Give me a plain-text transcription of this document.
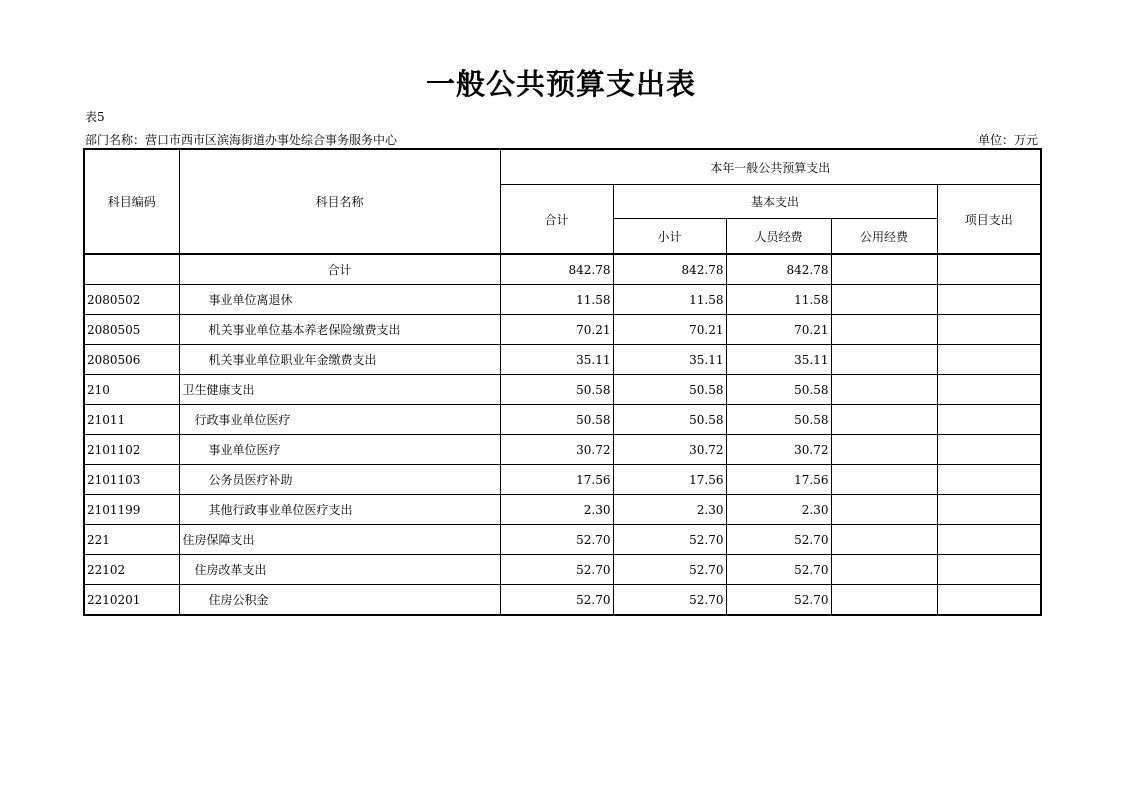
一般公共预算支出表
表5
部门名称：营口市西市区滨海街道办事处综合事务服务中心	单位：万元
科目编码	科目名称	本年一般公共预算支出				
		合计	基本支出			项目支出
			小计	人员经费	公用经费	
	合计	842.78	842.78	842.78		
2080502	事业单位离退休	11.58	11.58	11.58		
2080505	机关事业单位基本养老保险缴费支出	70.21	70.21	70.21		
2080506	机关事业单位职业年金缴费支出	35.11	35.11	35.11		
210	卫生健康支出	50.58	50.58	50.58		
21011	行政事业单位医疗	50.58	50.58	50.58		
2101102	事业单位医疗	30.72	30.72	30.72		
2101103	公务员医疗补助	17.56	17.56	17.56		
2101199	其他行政事业单位医疗支出	2.30	2.30	2.30		
221	住房保障支出	52.70	52.70	52.70		
22102	住房改革支出	52.70	52.70	52.70		
2210201	住房公积金	52.70	52.70	52.70		
